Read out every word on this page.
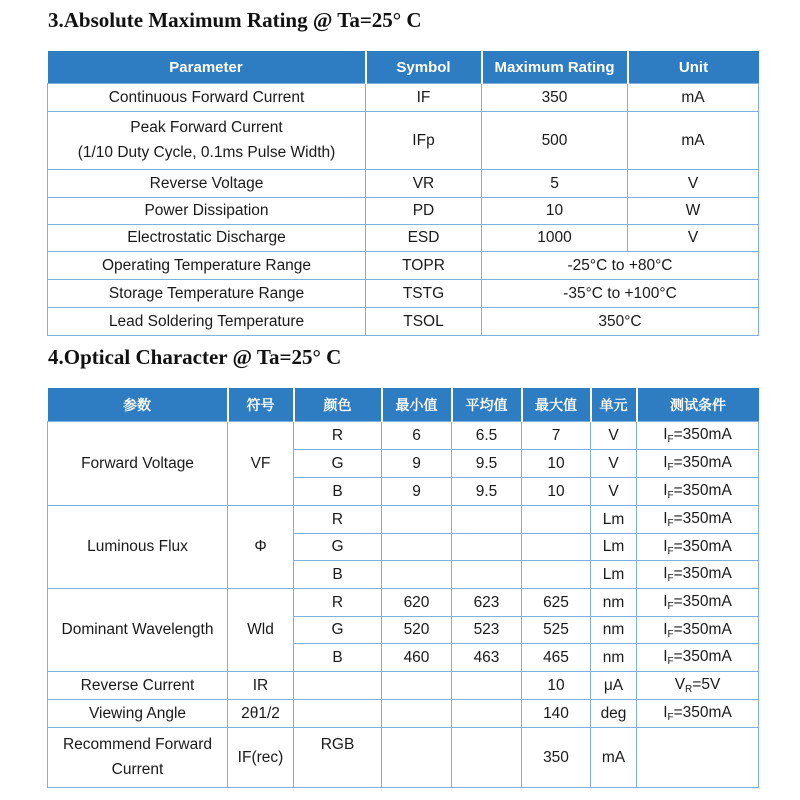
3.Absolute Maximum Rating @ Ta=25° C
Parameter	Symbol	Maximum Rating	Unit
Continuous Forward Current	IF	350	mA

Peak Forward Current
(1/10 Duty Cycle, 0.1ms Pulse Width)	IFp	500	mA
Reverse Voltage	VR	5	V
Power Dissipation	PD	10	W
Electrostatic Discharge	ESD	1000	V
Operating Temperature Range	TOPR	-25°C to +80°C	
Storage Temperature Range	TSTG	-35°C to +100°C	
Lead Soldering Temperature	TSOL	350°C	
4.Optical Character @ Ta=25° C
参数	符号	颜色	最小值	平均值	最大值	单元	测试条件
Forward Voltage	VF	R	6	6.5	7	V	$I_F=350mA$
		G	9	9.5	10	V	$I_F=350mA$
		B	9	9.5	10	V	$I_F=350mA$
Luminous Flux	Φ	R				Lm	$I_F=350mA$
		G				Lm	$I_F=350mA$
		B				Lm	$I_F=350mA$
Dominant Wavelength	Wld	R	620	623	625	nm	$I_F=350mA$
		G	520	523	525	nm	$I_F=350mA$
		B	460	463	465	nm	$I_F=350mA$
Reverse Current	IR				10	μA	$V_R=5V$
Viewing Angle	2θ1/2				140	deg	$I_F=350mA$

Recommend Forward
Current	IF(rec)	RGB			350	mA	
